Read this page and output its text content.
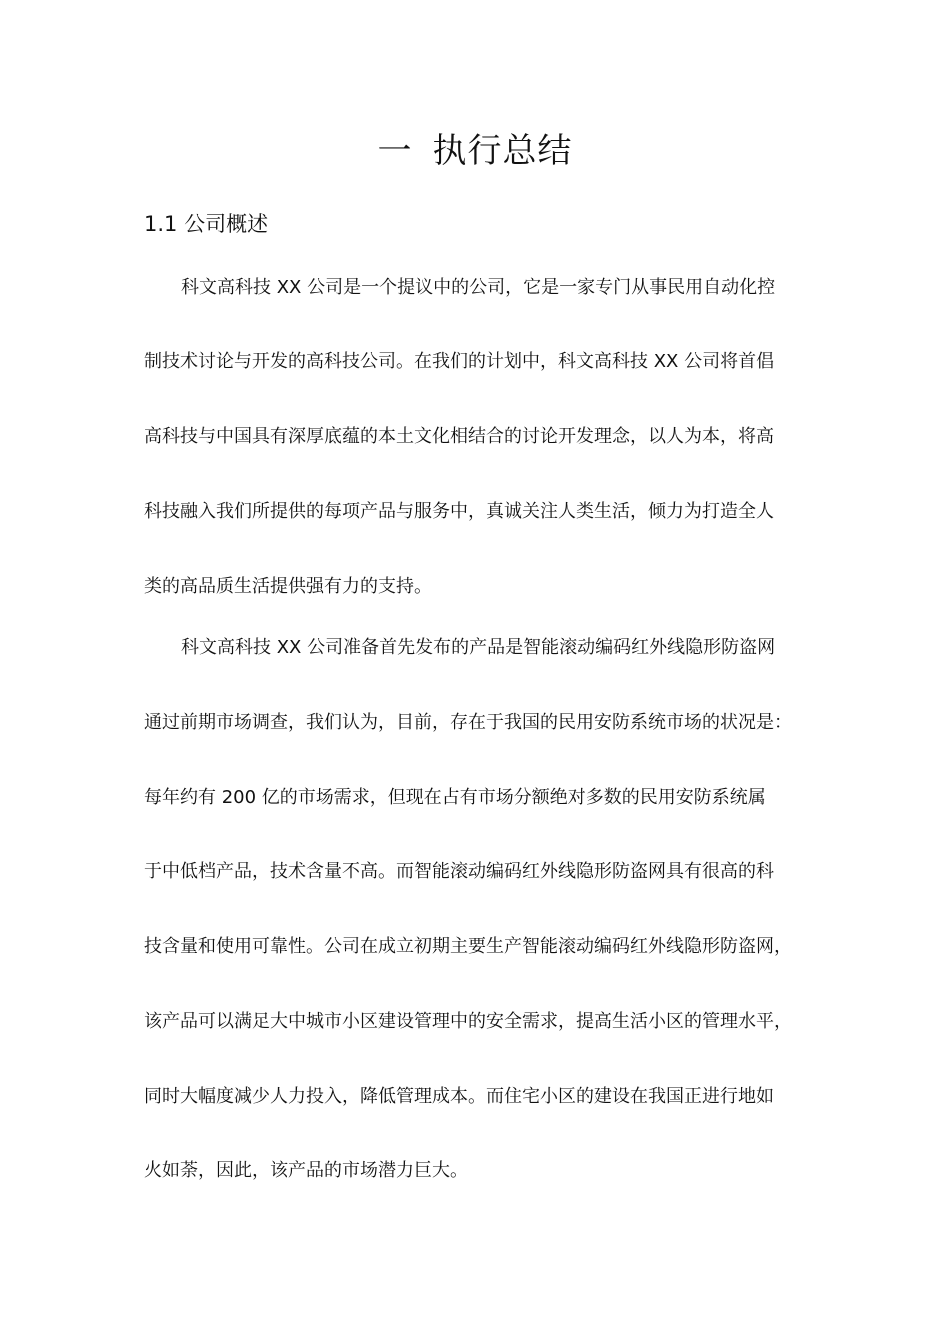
一 执行总结
1.1 公司概述
科文高科技 XX 公司是一个提议中的公司，它是一家专门从事民用自动化控
制技术讨论与开发的高科技公司。在我们的计划中，科文高科技 XX 公司将首倡
高科技与中国具有深厚底蕴的本土文化相结合的讨论开发理念，以人为本，将高
科技融入我们所提供的每项产品与服务中，真诚关注人类生活，倾力为打造全人
类的高品质生活提供强有力的支持。
科文高科技 XX 公司准备首先发布的产品是智能滚动编码红外线隐形防盗网
通过前期市场调查，我们认为，目前，存在于我国的民用安防系统市场的状况是：
每年约有 200 亿的市场需求，但现在占有市场分额绝对多数的民用安防系统属
于中低档产品，技术含量不高。而智能滚动编码红外线隐形防盗网具有很高的科
技含量和使用可靠性。公司在成立初期主要生产智能滚动编码红外线隐形防盗网，
该产品可以满足大中城市小区建设管理中的安全需求，提高生活小区的管理水平，
同时大幅度减少人力投入，降低管理成本。而住宅小区的建设在我国正进行地如
火如荼，因此，该产品的市场潜力巨大。
